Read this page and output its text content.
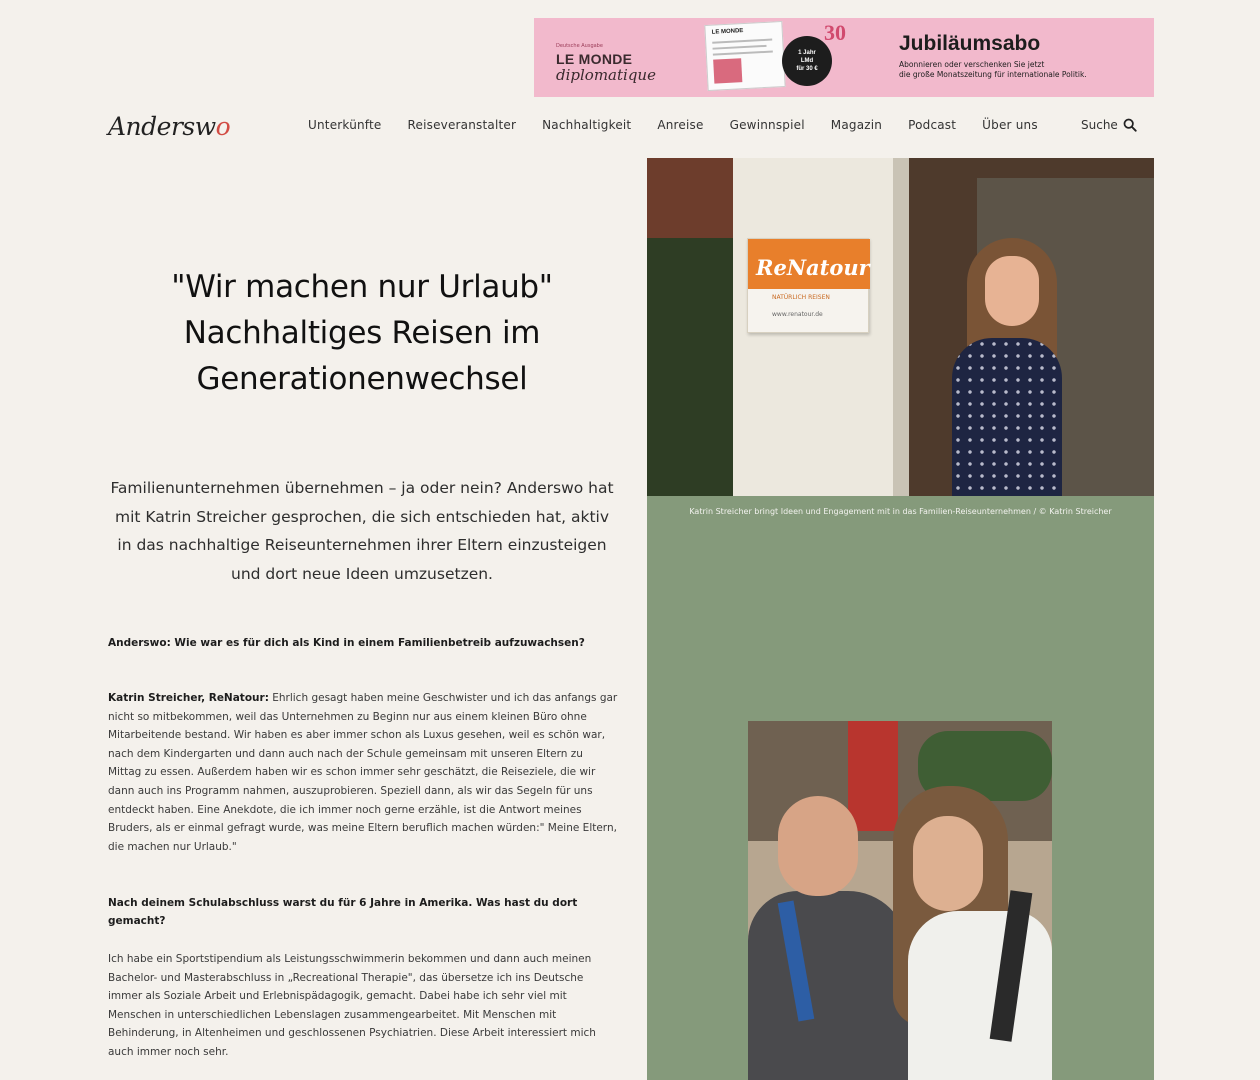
Deutsche Ausgabe
LE MONDE
diplomatique
LE MONDE
1 Jahr
LMd
für 30 €
30	Jubiläumsabo
Abonnieren oder verschenken Sie jetzt
die große Monatszeitung für internationale Politik.
Anderswo	Unterkünfte Reiseveranstalter Nachhaltigkeit Anreise Gewinnspiel Magazin Podcast Über uns	Suche
ReNatour
NATÜRLICH REISEN
www.renatour.de
Katrin Streicher bringt Ideen und Engagement mit in das Familien-Reiseunternehmen / © Katrin Streicher
"Wir machen nur Urlaub"
Nachhaltiges Reisen im
Generationenwechsel

Familienunternehmen übernehmen – ja oder nein? Anderswo hat mit Katrin Streicher gesprochen, die sich entschieden hat, aktiv in das nachhaltige Reiseunternehmen ihrer Eltern einzusteigen und dort neue Ideen umzusetzen.

Anderswo: Wie war es für dich als Kind in einem Familienbetreib aufzuwachsen?

Katrin Streicher, ReNatour: Ehrlich gesagt haben meine Geschwister und ich das anfangs gar nicht so mitbekommen, weil das Unternehmen zu Beginn nur aus einem kleinen Büro ohne Mitarbeitende bestand. Wir haben es aber immer schon als Luxus gesehen, weil es schön war, nach dem Kindergarten und dann auch nach der Schule gemeinsam mit unseren Eltern zu Mittag zu essen. Außerdem haben wir es schon immer sehr geschätzt, die Reiseziele, die wir dann auch ins Programm nahmen, auszuprobieren. Speziell dann, als wir das Segeln für uns entdeckt haben. Eine Anekdote, die ich immer noch gerne erzähle, ist die Antwort meines Bruders, als er einmal gefragt wurde, was meine Eltern beruflich machen würden:" Meine Eltern, die machen nur Urlaub."

Nach deinem Schulabschluss warst du für 6 Jahre in Amerika. Was hast du dort gemacht?

Ich habe ein Sportstipendium als Leistungsschwimmerin bekommen und dann auch meinen Bachelor- und Masterabschluss in „Recreational Therapie", das übersetze ich ins Deutsche immer als Soziale Arbeit und Erlebnispädagogik, gemacht. Dabei habe ich sehr viel mit Menschen in unterschiedlichen Lebenslagen zusammengearbeitet. Mit Menschen mit Behinderung, in Altenheimen und geschlossenen Psychiatrien. Diese Arbeit interessiert mich auch immer noch sehr.
